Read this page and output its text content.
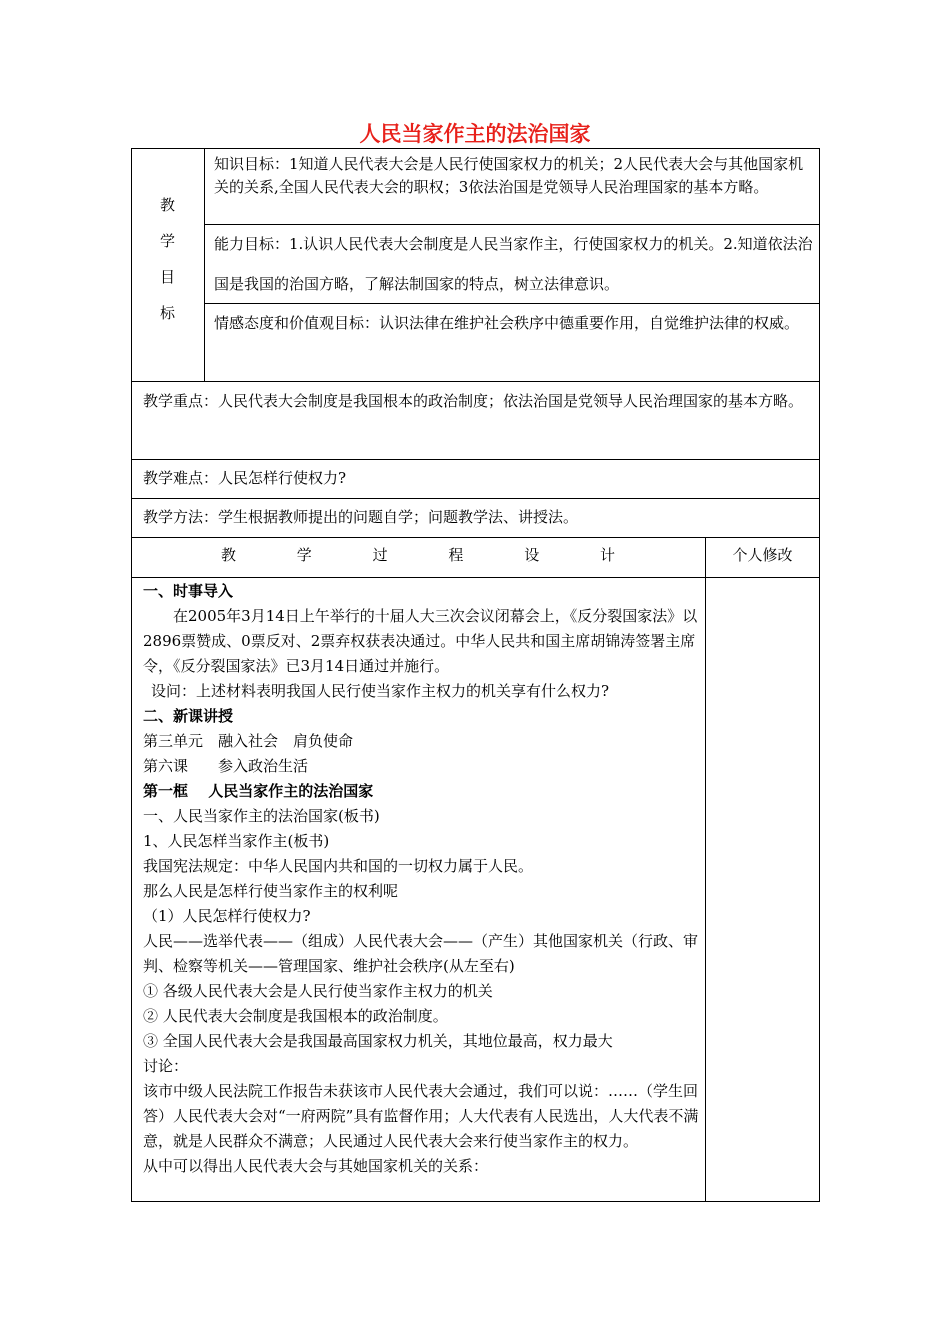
人民当家作主的法治国家
教
学
目
标
知识目标：1知道人民代表大会是人民行使国家权力的机关；2人民代表大会与其他国家机关的关系,全国人民代表大会的职权；3依法治国是党领导人民治理国家的基本方略。
能力目标：1.认识人民代表大会制度是人民当家作主，行使国家权力的机关。2.知道依法治国是我国的治国方略，了解法制国家的特点，树立法律意识。
情感态度和价值观目标：认识法律在维护社会秩序中德重要作用，自觉维护法律的权威。
教学重点：人民代表大会制度是我国根本的政治制度；依法治国是党领导人民治理国家的基本方略。
教学难点：人民怎样行使权力?
教学方法：学生根据教师提出的问题自学；问题教学法、讲授法。
教	学	过	程	设	计	个人修改

一、时事导入

在2005年3月14日上午举行的十届人大三次会议闭幕会上，《反分裂国家法》以2896票赞成、0票反对、2票弃权获表决通过。中华人民共和国主席胡锦涛签署主席令，《反分裂国家法》已3月14日通过并施行。

设问：上述材料表明我国人民行使当家作主权力的机关享有什么权力?

二、新课讲授

第三单元　融入社会　肩负使命

第六课　　参入政治生活

第一框　 人民当家作主的法治国家

一、人民当家作主的法治国家(板书)

1、人民怎样当家作主(板书)

我国宪法规定：中华人民国内共和国的一切权力属于人民。

那么人民是怎样行使当家作主的权利呢

（1）人民怎样行使权力?

人民——选举代表——（组成）人民代表大会——（产生）其他国家机关（行政、审判、检察等机关——管理国家、维护社会秩序(从左至右)

① 各级人民代表大会是人民行使当家作主权力的机关

② 人民代表大会制度是我国根本的政治制度。

③ 全国人民代表大会是我国最高国家权力机关，其地位最高，权力最大

讨论：

该市中级人民法院工作报告未获该市人民代表大会通过，我们可以说：……（学生回答）人民代表大会对“一府两院”具有监督作用；人大代表有人民选出，人大代表不满意，就是人民群众不满意；人民通过人民代表大会来行使当家作主的权力。

从中可以得出人民代表大会与其她国家机关的关系：
